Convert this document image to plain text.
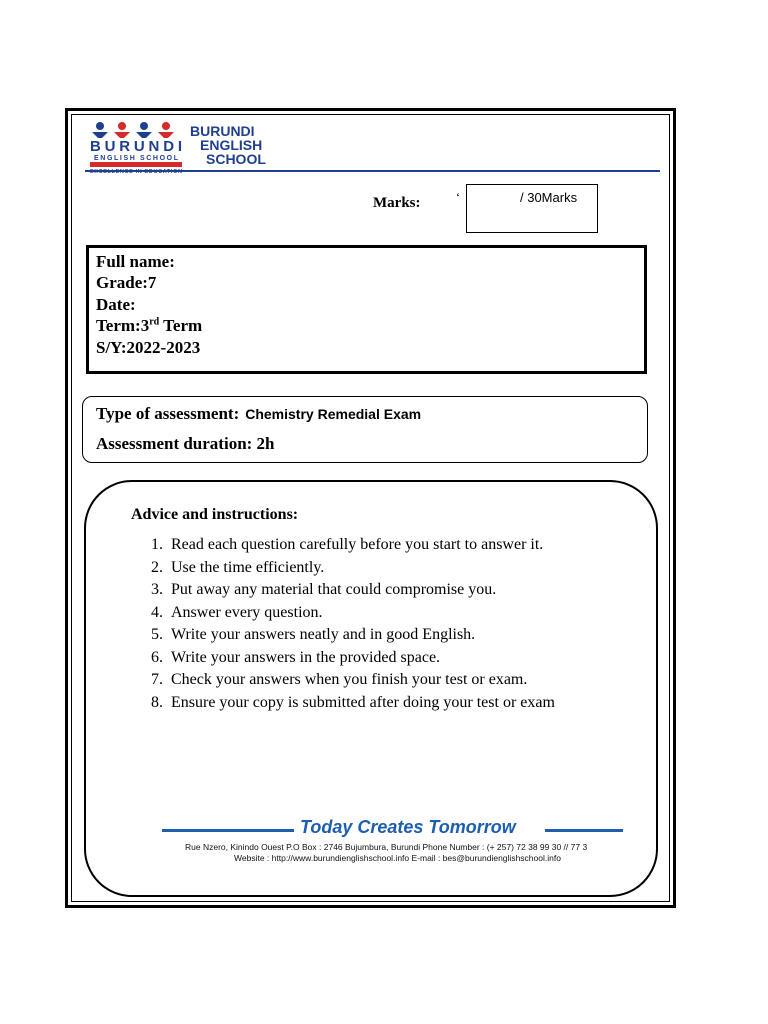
BURUNDI
ENGLISH SCHOOL
BURUNDI
ENGLISH
SCHOOL
Marks:	‘	/ 30Marks
Full name:
Grade:7
Date:
Term:3rd Term
S/Y:2022-2023
Type of assessment: Chemistry Remedial Exam
Assessment duration: 2h
Advice and instructions:
1. Read each question carefully before you start to answer it.
2. Use the time efficiently.
3. Put away any material that could compromise you.
4. Answer every question.
5. Write your answers neatly and in good English.
6. Write your answers in the provided space.
7. Check your answers when you finish your test or exam.
8. Ensure your copy is submitted after doing your test or exam
Today Creates Tomorrow
Rue Nzero, Kinindo Ouest P.O Box : 2746 Bujumbura, Burundi Phone Number : (+ 257) 72 38 99 30 // 77 3
Website : http://www.burundienglishschool.info E-mail : bes@burundienglishschool.info
